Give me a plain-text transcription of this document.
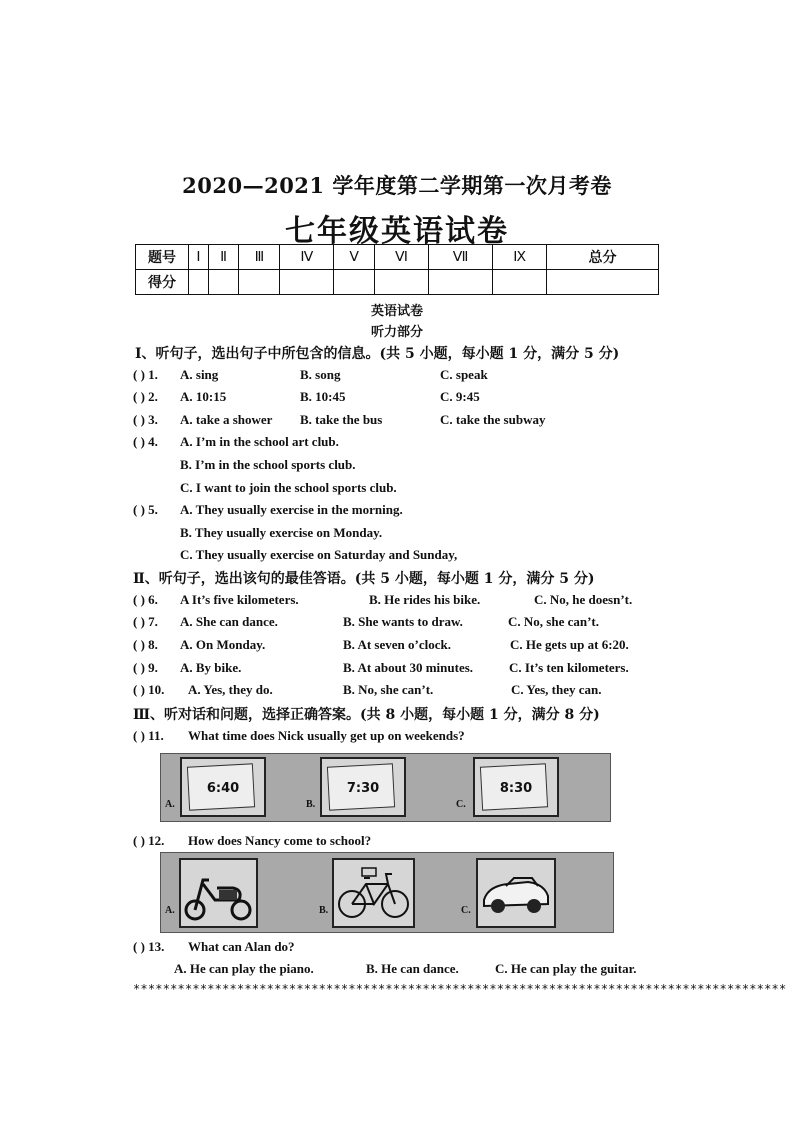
2020—2021 学年度第二学期第一次月考卷
七年级英语试卷
题号	Ⅰ	Ⅱ	Ⅲ	Ⅳ	Ⅴ	Ⅵ	Ⅶ	Ⅸ	总分
得分									
英语试卷
听力部分
Ⅰ、听句子，选出句子中所包含的信息。(共 5 小题，每小题 1 分，满分 5 分)
( ) 1. A. sing	B. song	C. speak
( ) 2. A. 10:15	B. 10:45	C. 9:45
( ) 3. A. take a shower B. take the bus	C. take the subway
( ) 4. A. I’m in the school art club.
B. I’m in the school sports club.
C. I want to join the school sports club.
( ) 5. A. They usually exercise in the morning.
B. They usually exercise on Monday.
C. They usually exercise on Saturday and Sunday,
Ⅱ、听句子，选出该句的最佳答语。(共 5 小题，每小题 1 分，满分 5 分)
( ) 6. A It’s five kilometers.	B. He rides his bike.	C. No, he doesn’t.
( ) 7. A. She can dance.	B. She wants to draw.	C. No, she can’t.
( ) 8. A. On Monday.	B. At seven o’clock.	C. He gets up at 6:20.
( ) 9. A. By bike.	B. At about 30 minutes.	C. It’s ten kilometers.
( ) 10. A. Yes, they do.	B. No, she can’t.	C. Yes, they can.
Ⅲ、听对话和问题，选择正确答案。(共 8 小题，每小题 1 分，满分 8 分)
( ) 11. What time does Nick usually get up on weekends?
A.
6:40
B.
7:30
C.
8:30
( ) 12. How does Nancy come to school?
A.	B.	C.
( ) 13. What can Alan do?
A. He can play the piano.	B. He can dance.	C. He can play the guitar.
****************************************************************************************
